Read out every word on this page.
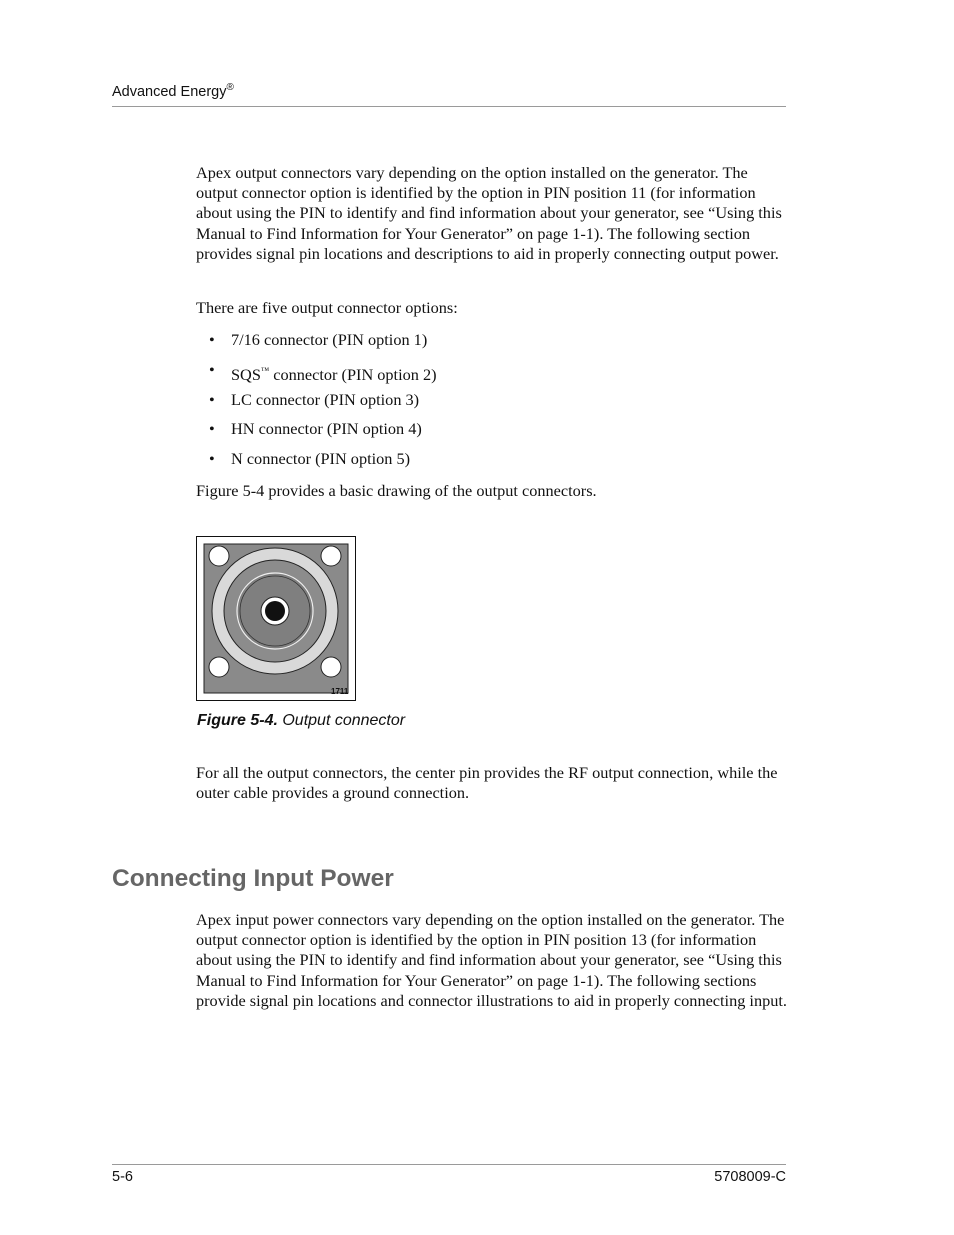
Advanced Energy®

Apex output connectors vary depending on the option installed on the generator. The output connector option is identified by the option in PIN position 11 (for information about using the PIN to identify and find information about your generator, see “Using this Manual to Find Information for Your Generator” on page 1-1). The following section provides signal pin locations and descriptions to aid in properly connecting output power.

There are five output connector options:

• 7/16 connector (PIN option 1)
• SQS™ connector (PIN option 2)
• LC connector (PIN option 3)
• HN connector (PIN option 4)
• N connector (PIN option 5)

Figure 5-4 provides a basic drawing of the output connectors.

1711
Figure 5-4. Output connector

For all the output connectors, the center pin provides the RF output connection, while the outer cable provides a ground connection.

Connecting Input Power

Apex input power connectors vary depending on the option installed on the generator. The output connector option is identified by the option in PIN position 13 (for information about using the PIN to identify and find information about your generator, see “Using this Manual to Find Information for Your Generator” on page 1-1). The following sections provide signal pin locations and connector illustrations to aid in properly connecting input.

5-6	5708009-C
